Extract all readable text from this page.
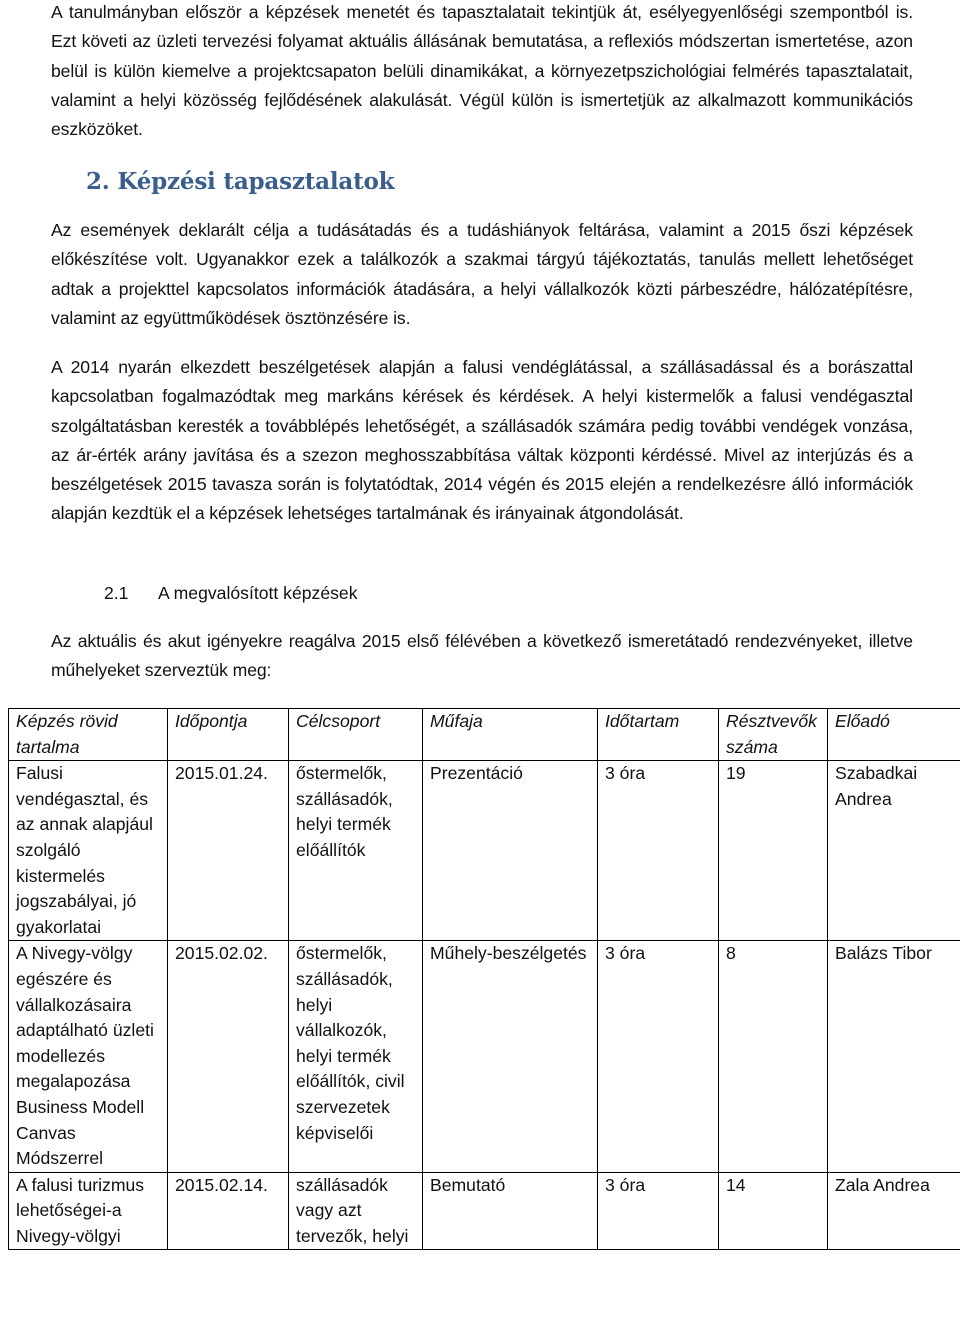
A tanulmányban először a képzések menetét és tapasztalatait tekintjük át, esélyegyenlőségi szempontból is. Ezt követi az üzleti tervezési folyamat aktuális állásának bemutatása, a reflexiós módszertan ismertetése, azon belül is külön kiemelve a projektcsapaton belüli dinamikákat, a környezetpszichológiai felmérés tapasztalatait, valamint a helyi közösség fejlődésének alakulását. Végül külön is ismertetjük az alkalmazott kommunikációs eszközöket.

2. Képzési tapasztalatok

Az események deklarált célja a tudásátadás és a tudáshiányok feltárása, valamint a 2015 őszi képzések előkészítése volt. Ugyanakkor ezek a találkozók a szakmai tárgyú tájékoztatás, tanulás mellett lehetőséget adtak a projekttel kapcsolatos információk átadására, a helyi vállalkozók közti párbeszédre, hálózatépítésre, valamint az együttműködések ösztönzésére is.

A 2014 nyarán elkezdett beszélgetések alapján a falusi vendéglátással, a szállásadással és a borászattal kapcsolatban fogalmazódtak meg markáns kérések és kérdések. A helyi kistermelők a falusi vendégasztal szolgáltatásban keresték a továbblépés lehetőségét, a szállásadók számára pedig további vendégek vonzása, az ár-érték arány javítása és a szezon meghosszabbítása váltak központi kérdéssé. Mivel az interjúzás és a beszélgetések 2015 tavasza során is folytatódtak, 2014 végén és 2015 elején a rendelkezésre álló információk alapján kezdtük el a képzések lehetséges tartalmának és irányainak átgondolását.

2.1 A megvalósított képzések

Az aktuális és akut igényekre reagálva 2015 első félévében a következő ismeretátadó rendezvényeket, illetve műhelyeket szerveztük meg:

Képzés rövid tartalma	Időpontja	Célcsoport	Műfaja	Időtartam	Résztvevők száma	Előadó
Falusi vendégasztal, és az annak alapjául szolgáló kistermelés jogszabályai, jó gyakorlatai	2015.01.24.	őstermelők, szállásadók, helyi termék előállítók	Prezentáció	3 óra	19	Szabadkai Andrea
A Nivegy-völgy egészére és vállalkozásaira adaptálható üzleti modellezés megalapozása Business Modell Canvas Módszerrel	2015.02.02.	őstermelők, szállásadók, helyi vállalkozók, helyi termék előállítók, civil szervezetek képviselői	Műhely-beszélgetés	3 óra	8	Balázs Tibor
A falusi turizmus lehetőségei-a Nivegy-völgyi	2015.02.14.	szállásadók vagy azt tervezők, helyi	Bemutató	3 óra	14	Zala Andrea
